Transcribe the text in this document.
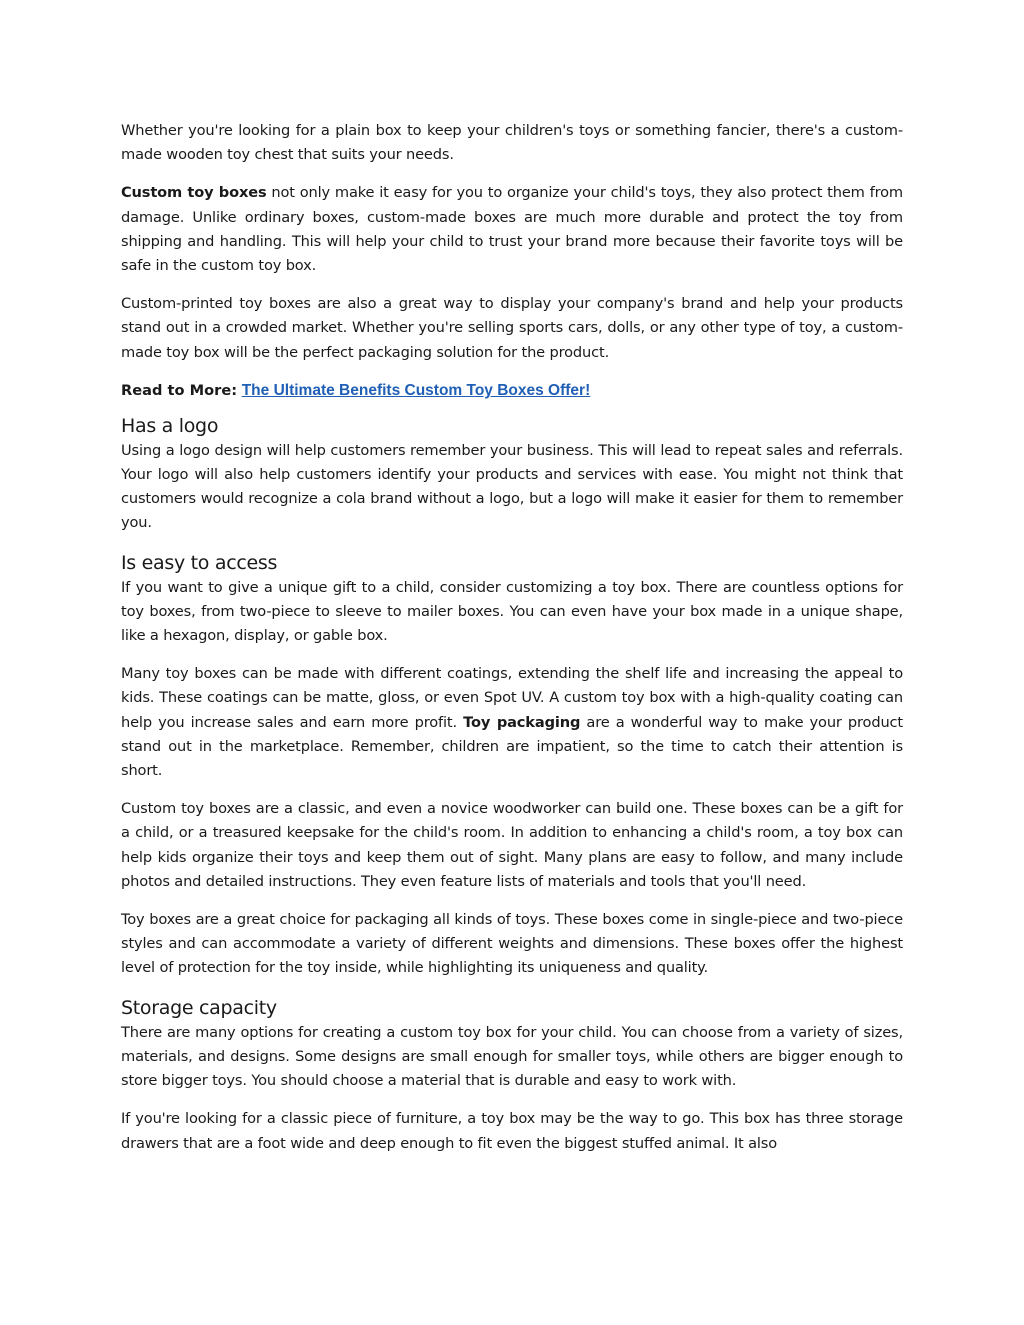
Whether you're looking for a plain box to keep your children's toys or something fancier, there's a custom-made wooden toy chest that suits your needs.

Custom toy boxes not only make it easy for you to organize your child's toys, they also protect them from damage. Unlike ordinary boxes, custom-made boxes are much more durable and protect the toy from shipping and handling. This will help your child to trust your brand more because their favorite toys will be safe in the custom toy box.

Custom-printed toy boxes are also a great way to display your company's brand and help your products stand out in a crowded market. Whether you're selling sports cars, dolls, or any other type of toy, a custom-made toy box will be the perfect packaging solution for the product.

Read to More: The Ultimate Benefits Custom Toy Boxes Offer!
Has a logo

Using a logo design will help customers remember your business. This will lead to repeat sales and referrals. Your logo will also help customers identify your products and services with ease. You might not think that customers would recognize a cola brand without a logo, but a logo will make it easier for them to remember you.

Is easy to access

If you want to give a unique gift to a child, consider customizing a toy box. There are countless options for toy boxes, from two-piece to sleeve to mailer boxes. You can even have your box made in a unique shape, like a hexagon, display, or gable box.

Many toy boxes can be made with different coatings, extending the shelf life and increasing the appeal to kids. These coatings can be matte, gloss, or even Spot UV. A custom toy box with a high-quality coating can help you increase sales and earn more profit. Toy packaging are a wonderful way to make your product stand out in the marketplace. Remember, children are impatient, so the time to catch their attention is short.

Custom toy boxes are a classic, and even a novice woodworker can build one. These boxes can be a gift for a child, or a treasured keepsake for the child's room. In addition to enhancing a child's room, a toy box can help kids organize their toys and keep them out of sight. Many plans are easy to follow, and many include photos and detailed instructions. They even feature lists of materials and tools that you'll need.

Toy boxes are a great choice for packaging all kinds of toys. These boxes come in single-piece and two-piece styles and can accommodate a variety of different weights and dimensions. These boxes offer the highest level of protection for the toy inside, while highlighting its uniqueness and quality.

Storage capacity

There are many options for creating a custom toy box for your child. You can choose from a variety of sizes, materials, and designs. Some designs are small enough for smaller toys, while others are bigger enough to store bigger toys. You should choose a material that is durable and easy to work with.

If you're looking for a classic piece of furniture, a toy box may be the way to go. This box has three storage drawers that are a foot wide and deep enough to fit even the biggest stuffed animal. It also
